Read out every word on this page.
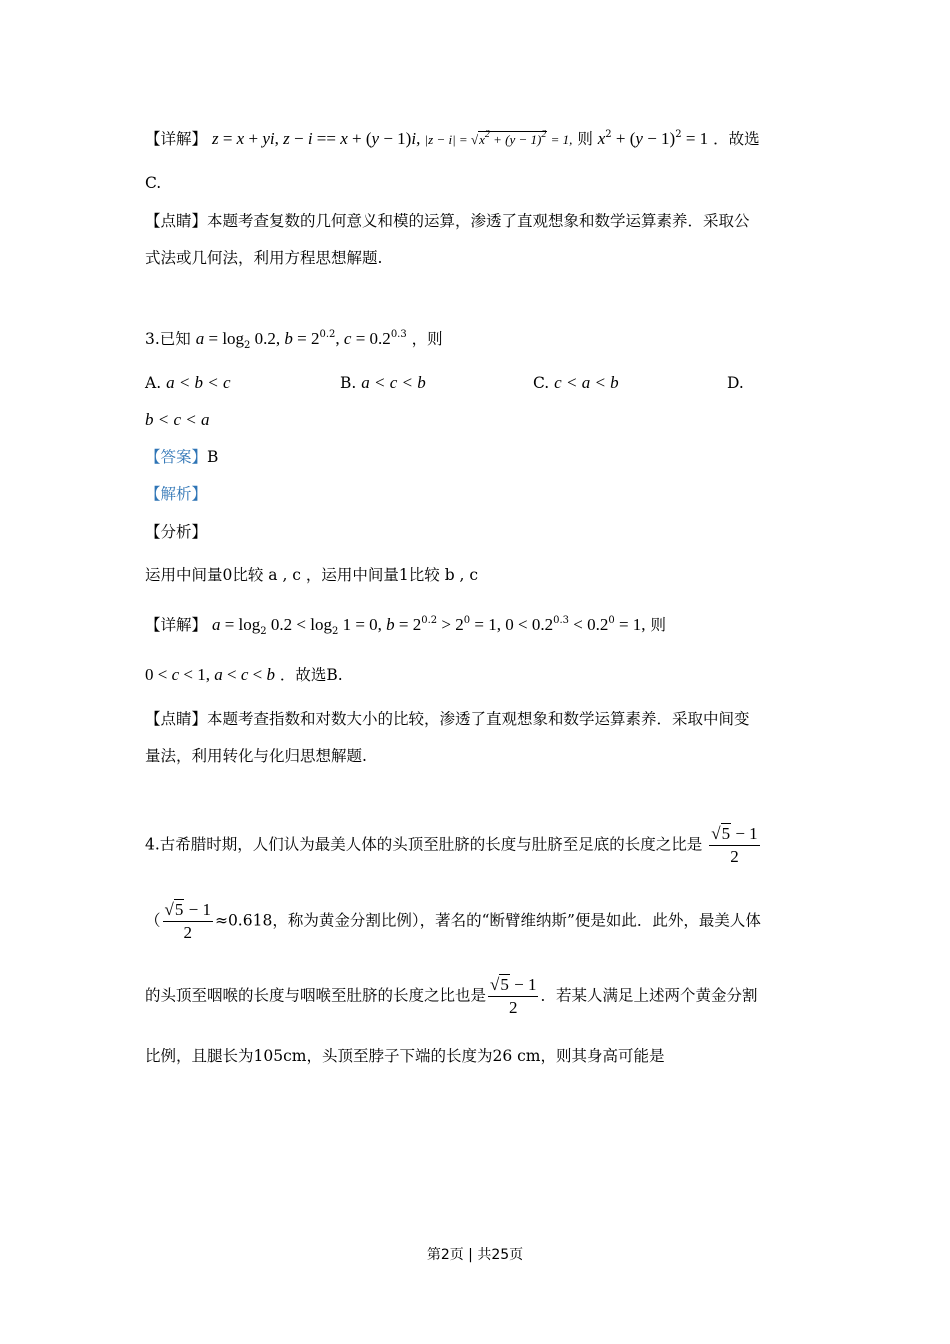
【详解】 z = x + yi, z − i == x + (y − 1)i, $|z - i| = √x^2 + (y - 1)^2 = 1$, 则 $x^2 + (y - 1)^2 = 1$ ．故选
C.
【点睛】本题考查复数的几何意义和模的运算，渗透了直观想象和数学运算素养．采取公
式法或几何法，利用方程思想解题.
3.已知 $a = \log_2 0.2$, $b = 2^{0.2}$, $c = 0.2^{0.3}$ ，则
A. a < b < c	B. a < c < b	C. c < a < b	D.
b < c < a
【答案】B
【解析】
【分析】
运用中间量0比较 a , c ，运用中间量1比较 b , c
【详解】 $a = \log_2 0.2 < \log_2 1 = 0$, $b = 2^{0.2} > 2^0 = 1$, $0 < 0.2^{0.3} < 0.2^0 = 1$, 则
0 < c < 1, a < c < b ．故选B.
【点睛】本题考查指数和对数大小的比较，渗透了直观想象和数学运算素养．采取中间变
量法，利用转化与化归思想解题.
4.古希腊时期，人们认为最美人体的头顶至肚脐的长度与肚脐至足底的长度之比是 $\frac{√5 - 1}{2}$
（ $\frac{√5 - 1}{2} \approx 0.618$，称为黄金分割比例），著名的“断臂维纳斯”便是如此．此外，最美人体
的头顶至咽喉的长度与咽喉至肚脐的长度之比也是 $\frac{√5 - 1}{2}$ ．若某人满足上述两个黄金分割
比例，且腿长为105cm，头顶至脖子下端的长度为26 cm，则其身高可能是
第2页 | 共25页
